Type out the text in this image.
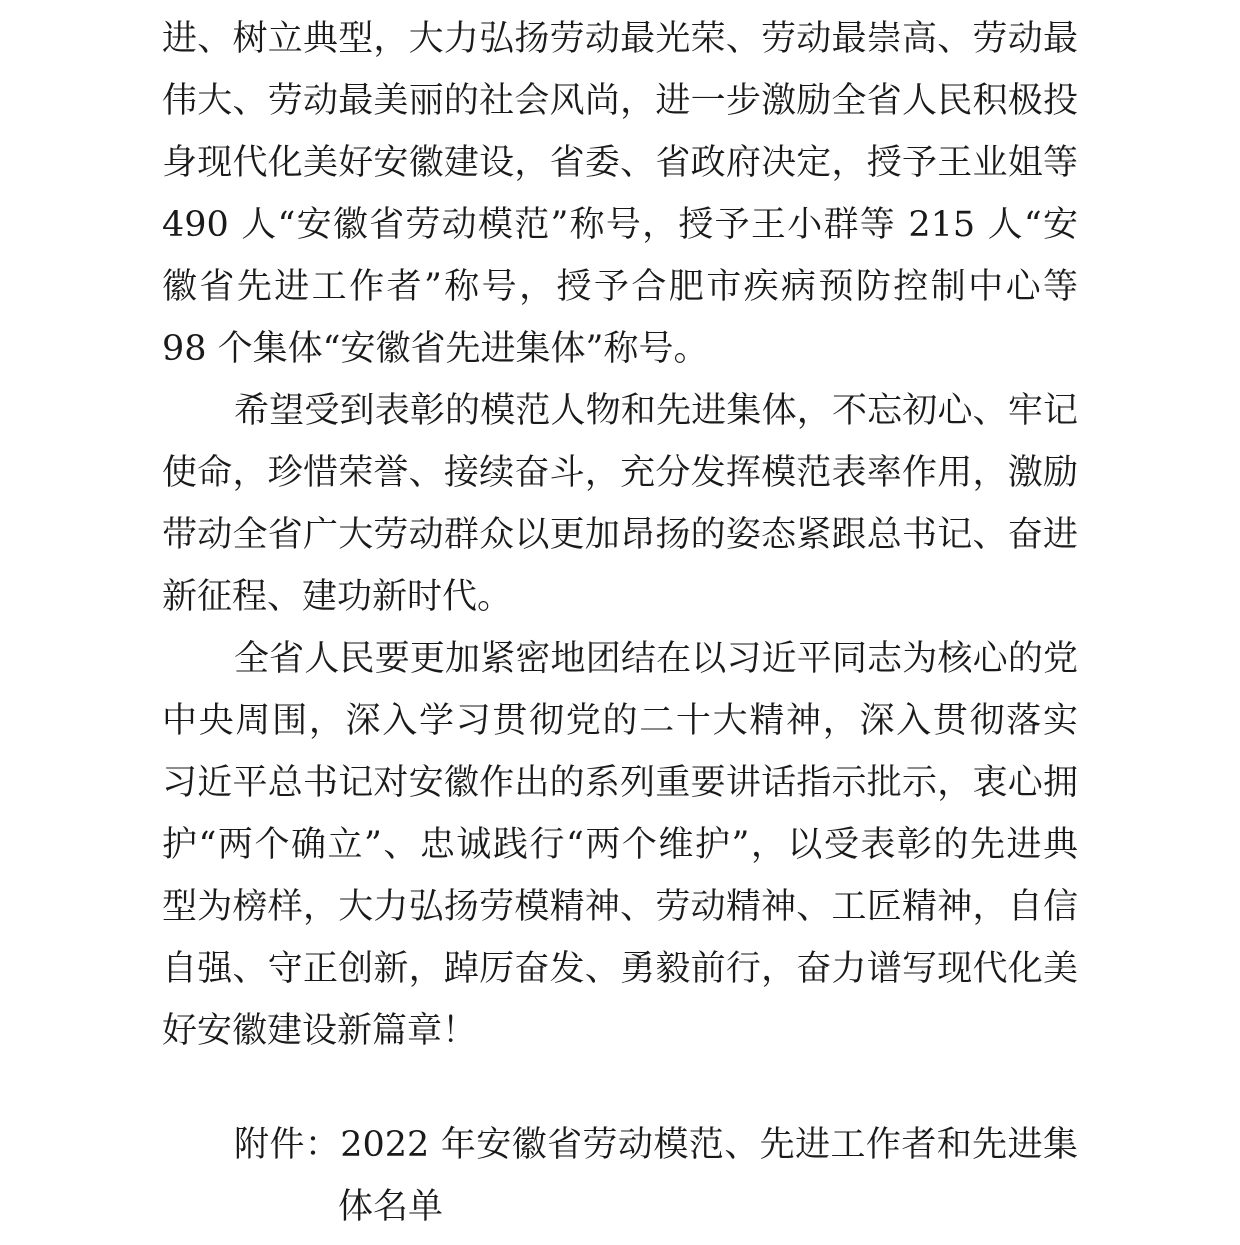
进、树立典型，大力弘扬劳动最光荣、劳动最崇高、劳动最
伟大、劳动最美丽的社会风尚，进一步激励全省人民积极投
身现代化美好安徽建设，省委、省政府决定，授予王业姐等
490 人“安徽省劳动模范”称号，授予王小群等 215 人“安
徽省先进工作者”称号，授予合肥市疾病预防控制中心等
98 个集体“安徽省先进集体”称号。
希望受到表彰的模范人物和先进集体，不忘初心、牢记
使命，珍惜荣誉、接续奋斗，充分发挥模范表率作用，激励
带动全省广大劳动群众以更加昂扬的姿态紧跟总书记、奋进
新征程、建功新时代。
全省人民要更加紧密地团结在以习近平同志为核心的党
中央周围，深入学习贯彻党的二十大精神，深入贯彻落实
习近平总书记对安徽作出的系列重要讲话指示批示，衷心拥
护“两个确立”、忠诚践行“两个维护”，以受表彰的先进典
型为榜样，大力弘扬劳模精神、劳动精神、工匠精神，自信
自强、守正创新，踔厉奋发、勇毅前行，奋力谱写现代化美
好安徽建设新篇章！
附件：2022 年安徽省劳动模范、先进工作者和先进集
体名单
